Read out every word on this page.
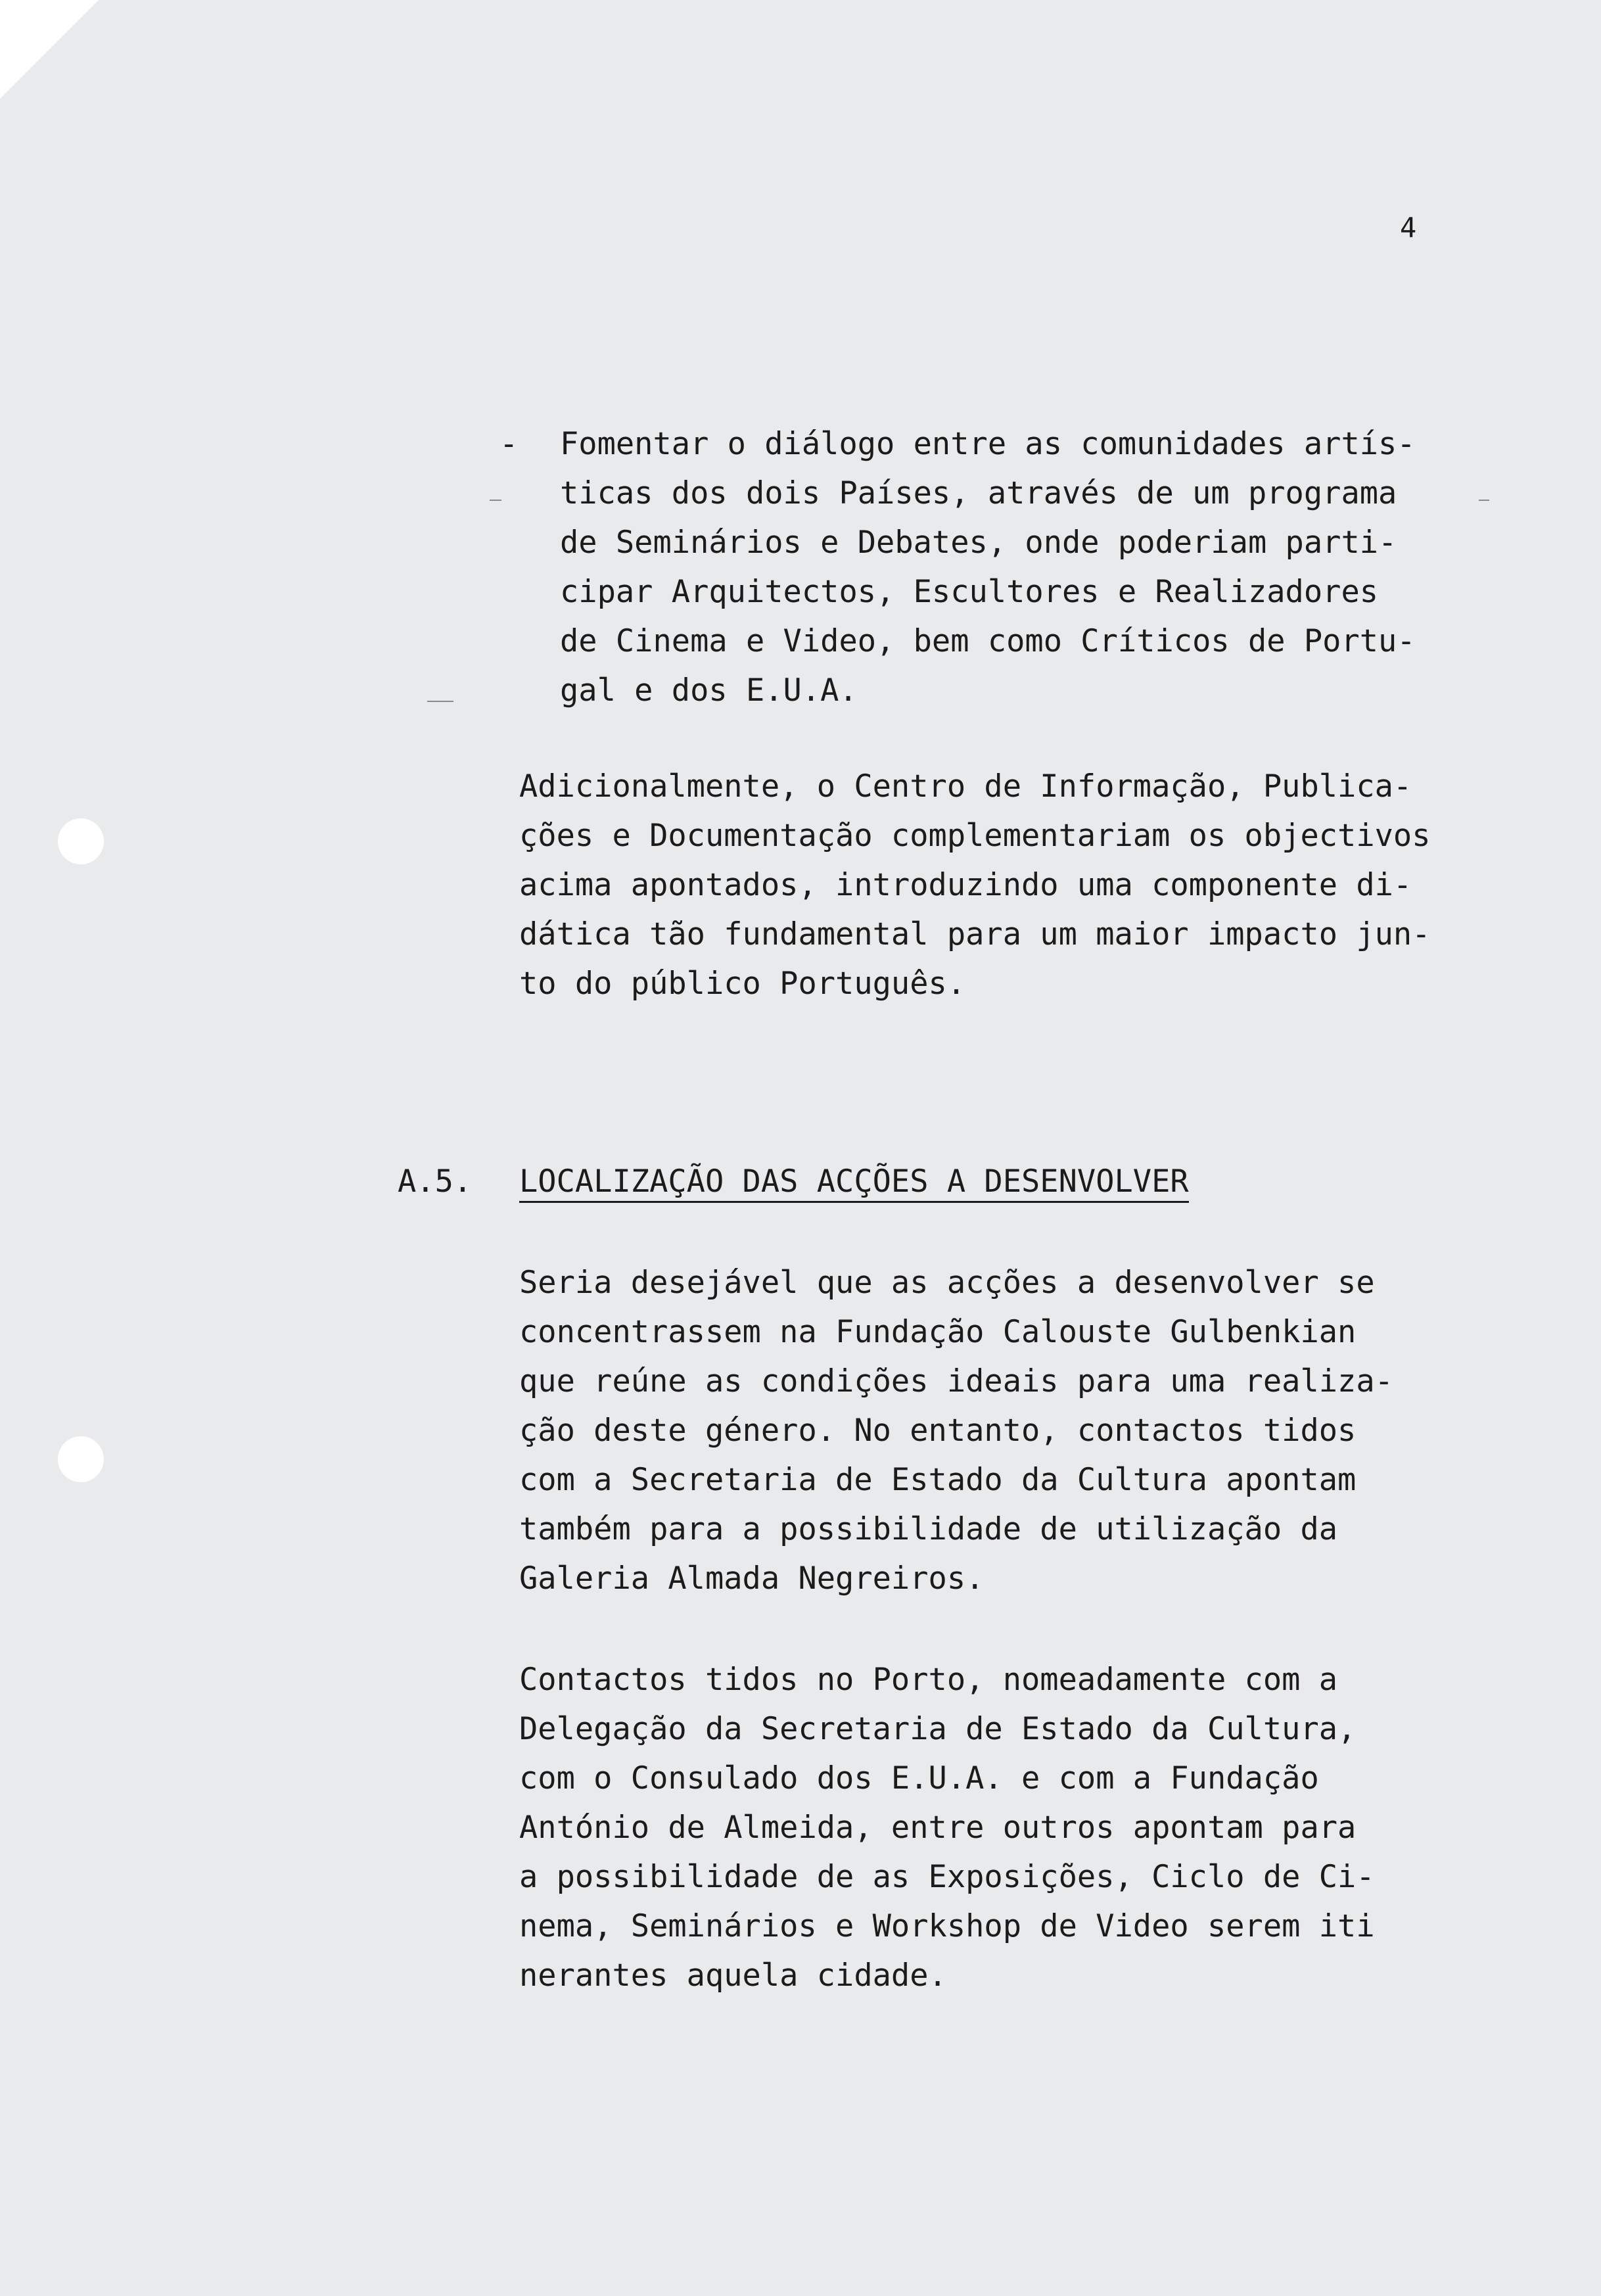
4
- Fomentar o diálogo entre as comunidades artís-
ticas dos dois Países, através de um programa
de Seminários e Debates, onde poderiam parti-
cipar Arquitectos, Escultores e Realizadores
de Cinema e Video, bem como Críticos de Portu-
gal e dos E.U.A.
Adicionalmente, o Centro de Informação, Publica-
ções e Documentação complementariam os objectivos
acima apontados, introduzindo uma componente di-
dática tão fundamental para um maior impacto jun-
to do público Português.
A.5. LOCALIZAÇÃO DAS ACÇÕES A DESENVOLVER
Seria desejável que as acções a desenvolver se
concentrassem na Fundação Calouste Gulbenkian
que reúne as condições ideais para uma realiza-
ção deste género. No entanto, contactos tidos
com a Secretaria de Estado da Cultura apontam
também para a possibilidade de utilização da
Galeria Almada Negreiros.
Contactos tidos no Porto, nomeadamente com a
Delegação da Secretaria de Estado da Cultura,
com o Consulado dos E.U.A. e com a Fundação
António de Almeida, entre outros apontam para
a possibilidade de as Exposições, Ciclo de Ci-
nema, Seminários e Workshop de Video serem iti
nerantes aquela cidade.
